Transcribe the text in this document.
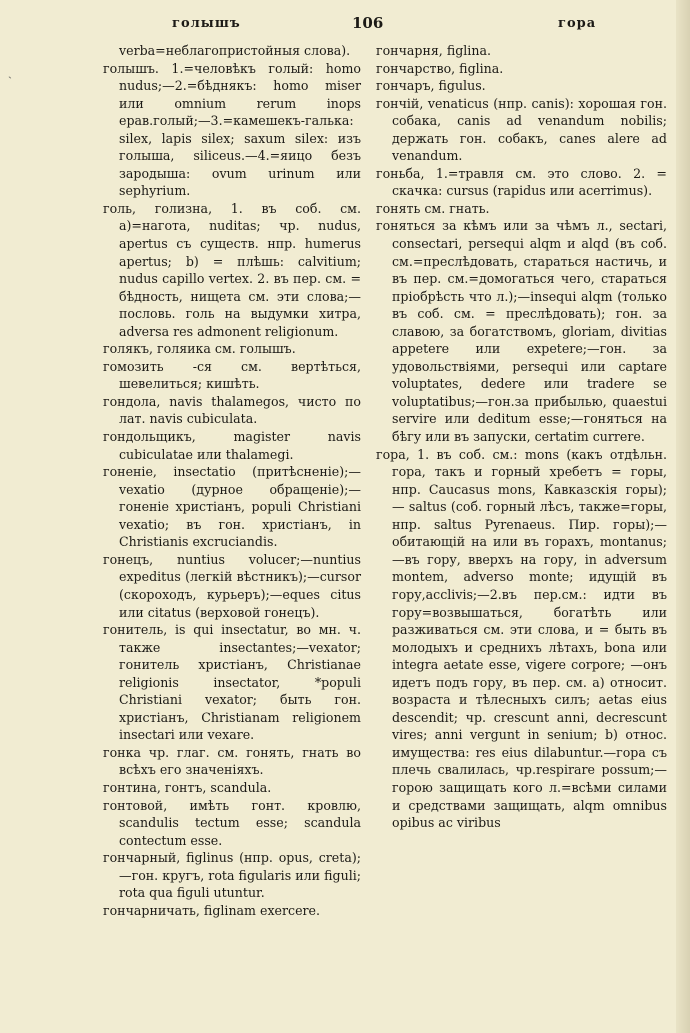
ˎ
голышъ	106	гора

verba=неблагопристойныя слова).

голышъ. 1.=человѣкъ голый: homo nudus;—2.=бѣднякъ: homo miser или omnium rerum inops ерав.голый;—3.=камешекъ-галька: silex, lapis silex; saxum silex: изъ голыша, siliceus.—4.=яицо безъ зародыша: ovum urinum или sephyrium.

голь, голизна, 1. въ соб. см. a)=нагота, nuditas; чр. nudus, apertus съ существ. нпр. humerus apertus; b) = плѣшь: calvitium; nudus capillo vertex. 2. въ пер. см. = бѣдность, нищета см. эти слова;—пословь. голь на выдумки хитра, adversa res admonent religionum.

голякъ, голяика см. голышъ.

гомозить -ся см. вертѣться, шевелиться; кишѣть.

гондола, navis thalamegos, чисто по лат. navis cubiculata.

гондольщикъ, magister navis cubiculatae или thalamegi.

гоненіе, insectatio (притѣсненіе);—vexatio (дурное обращеніе);—гоненіе христіанъ, populi Christiani vexatio; въ гон. христіанъ, in Christianis excruciandis.

гонецъ, nuntius volucer;—nuntius expeditus (легкій вѣстникъ);—cursor (скороходъ, курьеръ);—eques citus или citatus (верховой гонецъ).

гонитель, is qui insectatur, во мн. ч. также insectantes;—vexator; гонитель христіанъ, Christianae religionis insectator, *populi Christiani vexator; быть гон. христіанъ, Christianam religionem insectari или vexare.

гонка чр. глаг. см. гонять, гнать во всѣхъ его значеніяхъ.

гонтина, гонтъ, scandula.

гонтовой, имѣть гонт. кровлю, scandulis tectum esse; scandula contectum esse.

гончарный, figlinus (нпр. opus, creta);—гон. кругъ, rota figularis или figuli; rota qua figuli utuntur.

гончарничать, figlinam exercere.

гончарня, figlina.

гончарство, figlina.

гончаръ, figulus.

гончій, venaticus (нпр. canis): хорошая гон. собака, canis ad venandum nobilis; держать гон. собакъ, canes alere ad venandum.

гоньба, 1.=травля см. это слово. 2. = скачка: cursus (rapidus или acerrimus).

гонять см. гнать.

гоняться за кѣмъ или за чѣмъ л., sectari, consectari, persequi alqm и alqd (въ соб. см.=преслѣдовать, стараться настичь, и въ пер. см.=домогаться чего, стараться пріобрѣсть что л.);—insequi alqm (только въ соб. см. = преслѣдовать); гон. за славою, за богатствомъ, gloriam, divitias appetere или expetere;—гон. за удовольствіями, persequi или captare voluptates, dedere или tradere se voluptatibus;—гон.за прибылью, quaestui servire или deditum esse;—гоняться на бѣгу или въ запуски, certatim currere.

гора, 1. въ соб. см.: mons (какъ отдѣльн. гора, такъ и горный хребетъ = горы, нпр. Caucasus mons, Кавказскія горы); — saltus (соб. горный лѣсъ, также=горы, нпр. saltus Pyrenaeus. Пир. горы);—обитающій на или въ горахъ, montanus;—въ гору, вверхъ на гору, in adversum montem, adverso monte; идущій въ гору,acclivis;—2.въ пер.см.: идти въ гору=возвышаться, богатѣть или разживаться см. эти слова, и = быть въ молодыхъ и среднихъ лѣтахъ, bona или integra aetate esse, vigere corpore; —онъ идетъ подъ гору, въ пер. см. a) относит. возраста и тѣлесныхъ силъ; aetas eius descendit; чр. crescunt anni, decrescunt vires; anni vergunt in senium; b) относ. имущества: res eius dilabuntur.—гора съ плечь свалилась, чр.respirare possum;—горою защищать кого л.=всѣми силами и средствами защищать, alqm omnibus opibus ac viribus
